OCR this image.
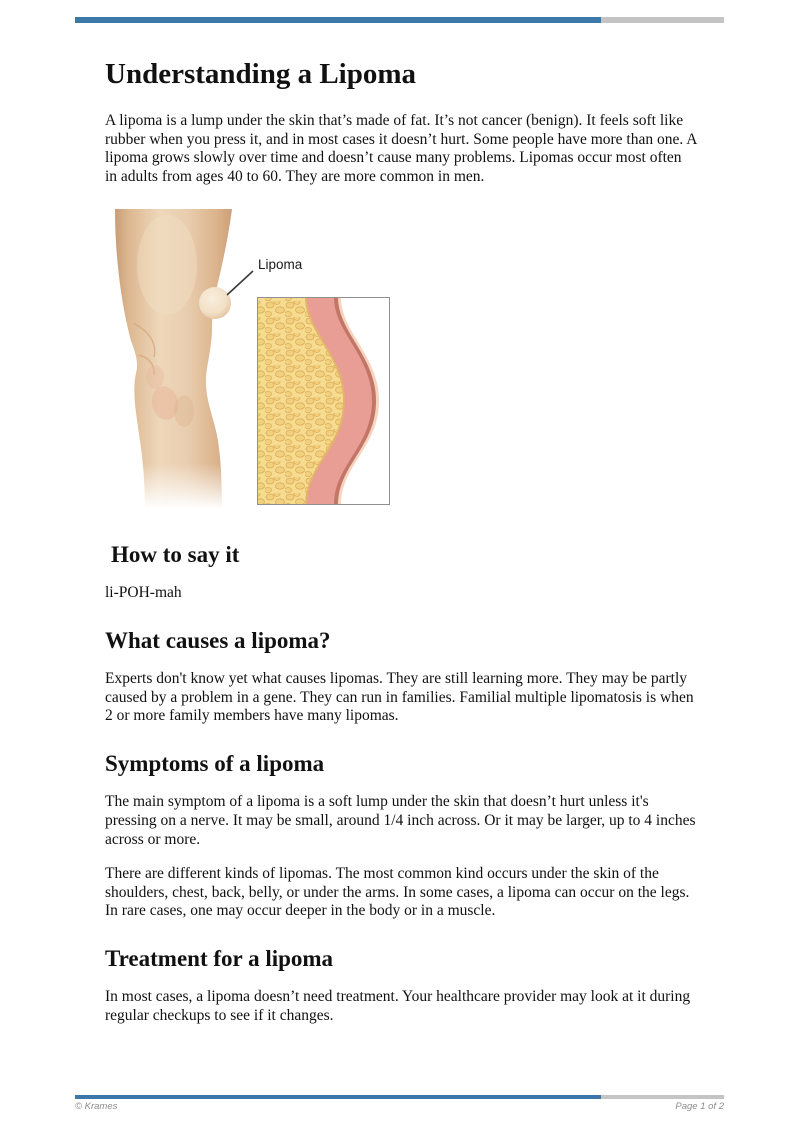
Understanding a Lipoma

A lipoma is a lump under the skin that’s made of fat. It’s not cancer (benign). It feels soft like rubber when you press it, and in most cases it doesn’t hurt. Some people have more than one. A lipoma grows slowly over time and doesn’t cause many problems. Lipomas occur most often in adults from ages 40 to 60. They are more common in men.

Lipoma
How to say it

li-POH-mah

What causes a lipoma?

Experts don't know yet what causes lipomas. They are still learning more. They may be partly caused by a problem in a gene. They can run in families. Familial multiple lipomatosis is when 2 or more family members have many lipomas.

Symptoms of a lipoma

The main symptom of a lipoma is a soft lump under the skin that doesn’t hurt unless it's pressing on a nerve. It may be small, around 1/4 inch across. Or it may be larger, up to 4 inches across or more.

There are different kinds of lipomas. The most common kind occurs under the skin of the shoulders, chest, back, belly, or under the arms. In some cases, a lipoma can occur on the legs. In rare cases, one may occur deeper in the body or in a muscle.

Treatment for a lipoma

In most cases, a lipoma doesn’t need treatment. Your healthcare provider may look at it during regular checkups to see if it changes.

© Krames	Page 1 of 2
